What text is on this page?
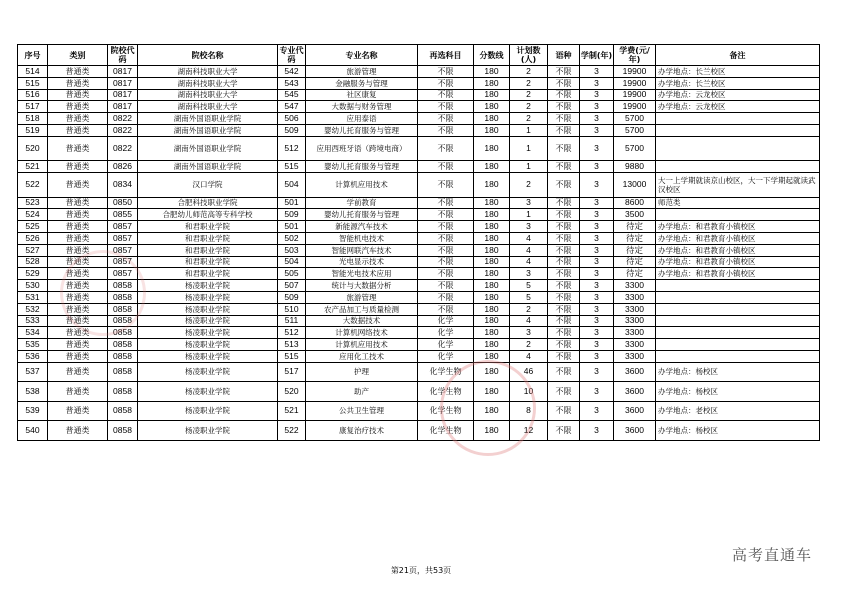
序号	类别	院校代码	院校名称	专业代码	专业名称	再选科目	分数线	计划数(人)	语种	学制(年)	学费(元/年)	备注
514	普通类	0817	湖南科技职业大学	542	旅游管理	不限	180	2	不限	3	19900	办学地点：长兰校区
515	普通类	0817	湖南科技职业大学	543	金融服务与管理	不限	180	2	不限	3	19900	办学地点：长兰校区
516	普通类	0817	湖南科技职业大学	545	社区康复	不限	180	2	不限	3	19900	办学地点：云龙校区
517	普通类	0817	湖南科技职业大学	547	大数据与财务管理	不限	180	2	不限	3	19900	办学地点：云龙校区
518	普通类	0822	湖南外国语职业学院	506	应用泰语	不限	180	2	不限	3	5700	
519	普通类	0822	湖南外国语职业学院	509	婴幼儿托育服务与管理	不限	180	1	不限	3	5700	
520	普通类	0822	湖南外国语职业学院	512	应用西班牙语（跨境电商）	不限	180	1	不限	3	5700	
521	普通类	0826	湖南外国语职业学院	515	婴幼儿托育服务与管理	不限	180	1	不限	3	9880	
522	普通类	0834	汉口学院	504	计算机应用技术	不限	180	2	不限	3	13000	大一上学期就读京山校区，大一下学期起就读武汉校区
523	普通类	0850	合肥科技职业学院	501	学前教育	不限	180	3	不限	3	8600	师范类
524	普通类	0855	合肥幼儿师范高等专科学校	509	婴幼儿托育服务与管理	不限	180	1	不限	3	3500	
525	普通类	0857	和君职业学院	501	新能源汽车技术	不限	180	3	不限	3	待定	办学地点：和君教育小镇校区
526	普通类	0857	和君职业学院	502	智能机电技术	不限	180	4	不限	3	待定	办学地点：和君教育小镇校区
527	普通类	0857	和君职业学院	503	智能网联汽车技术	不限	180	4	不限	3	待定	办学地点：和君教育小镇校区
528	普通类	0857	和君职业学院	504	光电显示技术	不限	180	4	不限	3	待定	办学地点：和君教育小镇校区
529	普通类	0857	和君职业学院	505	智能光电技术应用	不限	180	3	不限	3	待定	办学地点：和君教育小镇校区
530	普通类	0858	杨凌职业学院	507	统计与大数据分析	不限	180	5	不限	3	3300	
531	普通类	0858	杨凌职业学院	509	旅游管理	不限	180	5	不限	3	3300	
532	普通类	0858	杨凌职业学院	510	农产品加工与质量检测	不限	180	2	不限	3	3300	
533	普通类	0858	杨凌职业学院	511	大数据技术	化学	180	4	不限	3	3300	
534	普通类	0858	杨凌职业学院	512	计算机网络技术	化学	180	3	不限	3	3300	
535	普通类	0858	杨凌职业学院	513	计算机应用技术	化学	180	2	不限	3	3300	
536	普通类	0858	杨凌职业学院	515	应用化工技术	化学	180	4	不限	3	3300	
537	普通类	0858	杨凌职业学院	517	护理	化学生物	180	46	不限	3	3600	办学地点：杨校区
538	普通类	0858	杨凌职业学院	520	助产	化学生物	180	10	不限	3	3600	办学地点：杨校区
539	普通类	0858	杨凌职业学院	521	公共卫生管理	化学生物	180	8	不限	3	3600	办学地点：老校区
540	普通类	0858	杨凌职业学院	522	康复治疗技术	化学生物	180	12	不限	3	3600	办学地点：杨校区
高考直通车
第21页，共53页
